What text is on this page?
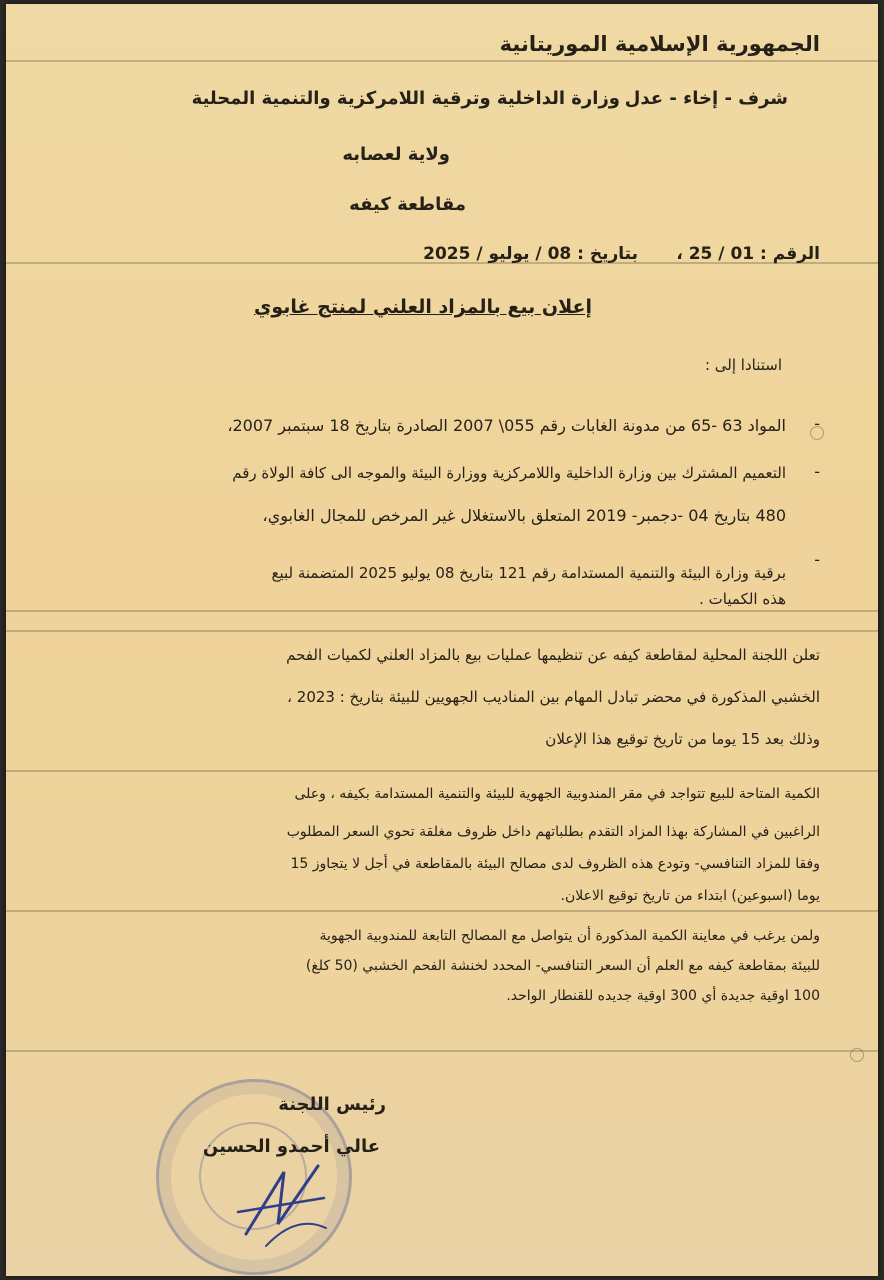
الجمهورية الإسلامية الموريتانية
شرف - إخاء - عدل
وزارة الداخلية وترقية اللامركزية والتنمية المحلية
ولاية لعصابه
مقاطعة كيفه
الرقم : 01 / 25 ،
بتاريخ : 08 / يوليو / 2025
إعلان بيع بالمزاد العلني لمنتج غابوي
استنادا إلى :
-
المواد 63 -65 من مدونة الغابات رقم 055\ 2007 الصادرة بتاريخ 18 سبتمبر 2007،
-
التعميم المشترك بين وزارة الداخلية واللامركزية ووزارة البيئة والموجه الى كافة الولاة رقم
480 بتاريخ 04 -دجمبر- 2019 المتعلق بالاستغلال غير المرخص للمجال الغابوي،
-
برقية وزارة البيئة والتنمية المستدامة رقم 121 بتاريخ 08 يوليو 2025 المتضمنة لبيع
هذه الكميات .
تعلن اللجنة المحلية لمقاطعة كيفه عن تنظيمها عمليات بيع بالمزاد العلني لكميات الفحم
الخشبي المذكورة في محضر تبادل المهام بين المناديب الجهويين للبيئة بتاريخ : 2023 ،
وذلك بعد 15 يوما من تاريخ توقيع هذا الإعلان
الكمية المتاحة للبيع تتواجد في مقر المندوبية الجهوية للبيئة والتنمية المستدامة بكيفه ، وعلى
الراغبين في المشاركة بهذا المزاد التقدم بطلباتهم داخل ظروف مغلقة تحوي السعر المطلوب
وفقا للمزاد التنافسي- وتودع هذه الظروف لدى مصالح البيئة بالمقاطعة في أجل لا يتجاوز 15
يوما (اسبوعين) ابتداء من تاريخ توقيع الاعلان.
ولمن يرغب في معاينة الكمية المذكورة أن يتواصل مع المصالح التابعة للمندوبية الجهوية
للبيئة بمقاطعة كيفه مع العلم أن السعر التنافسي- المحدد لخنشة الفحم الخشبي (50 كلغ)
100 اوقية جديدة أي 300 اوقية جديده للقنطار الواحد.
رئيس اللجنة
عالي أحمدو الحسين
